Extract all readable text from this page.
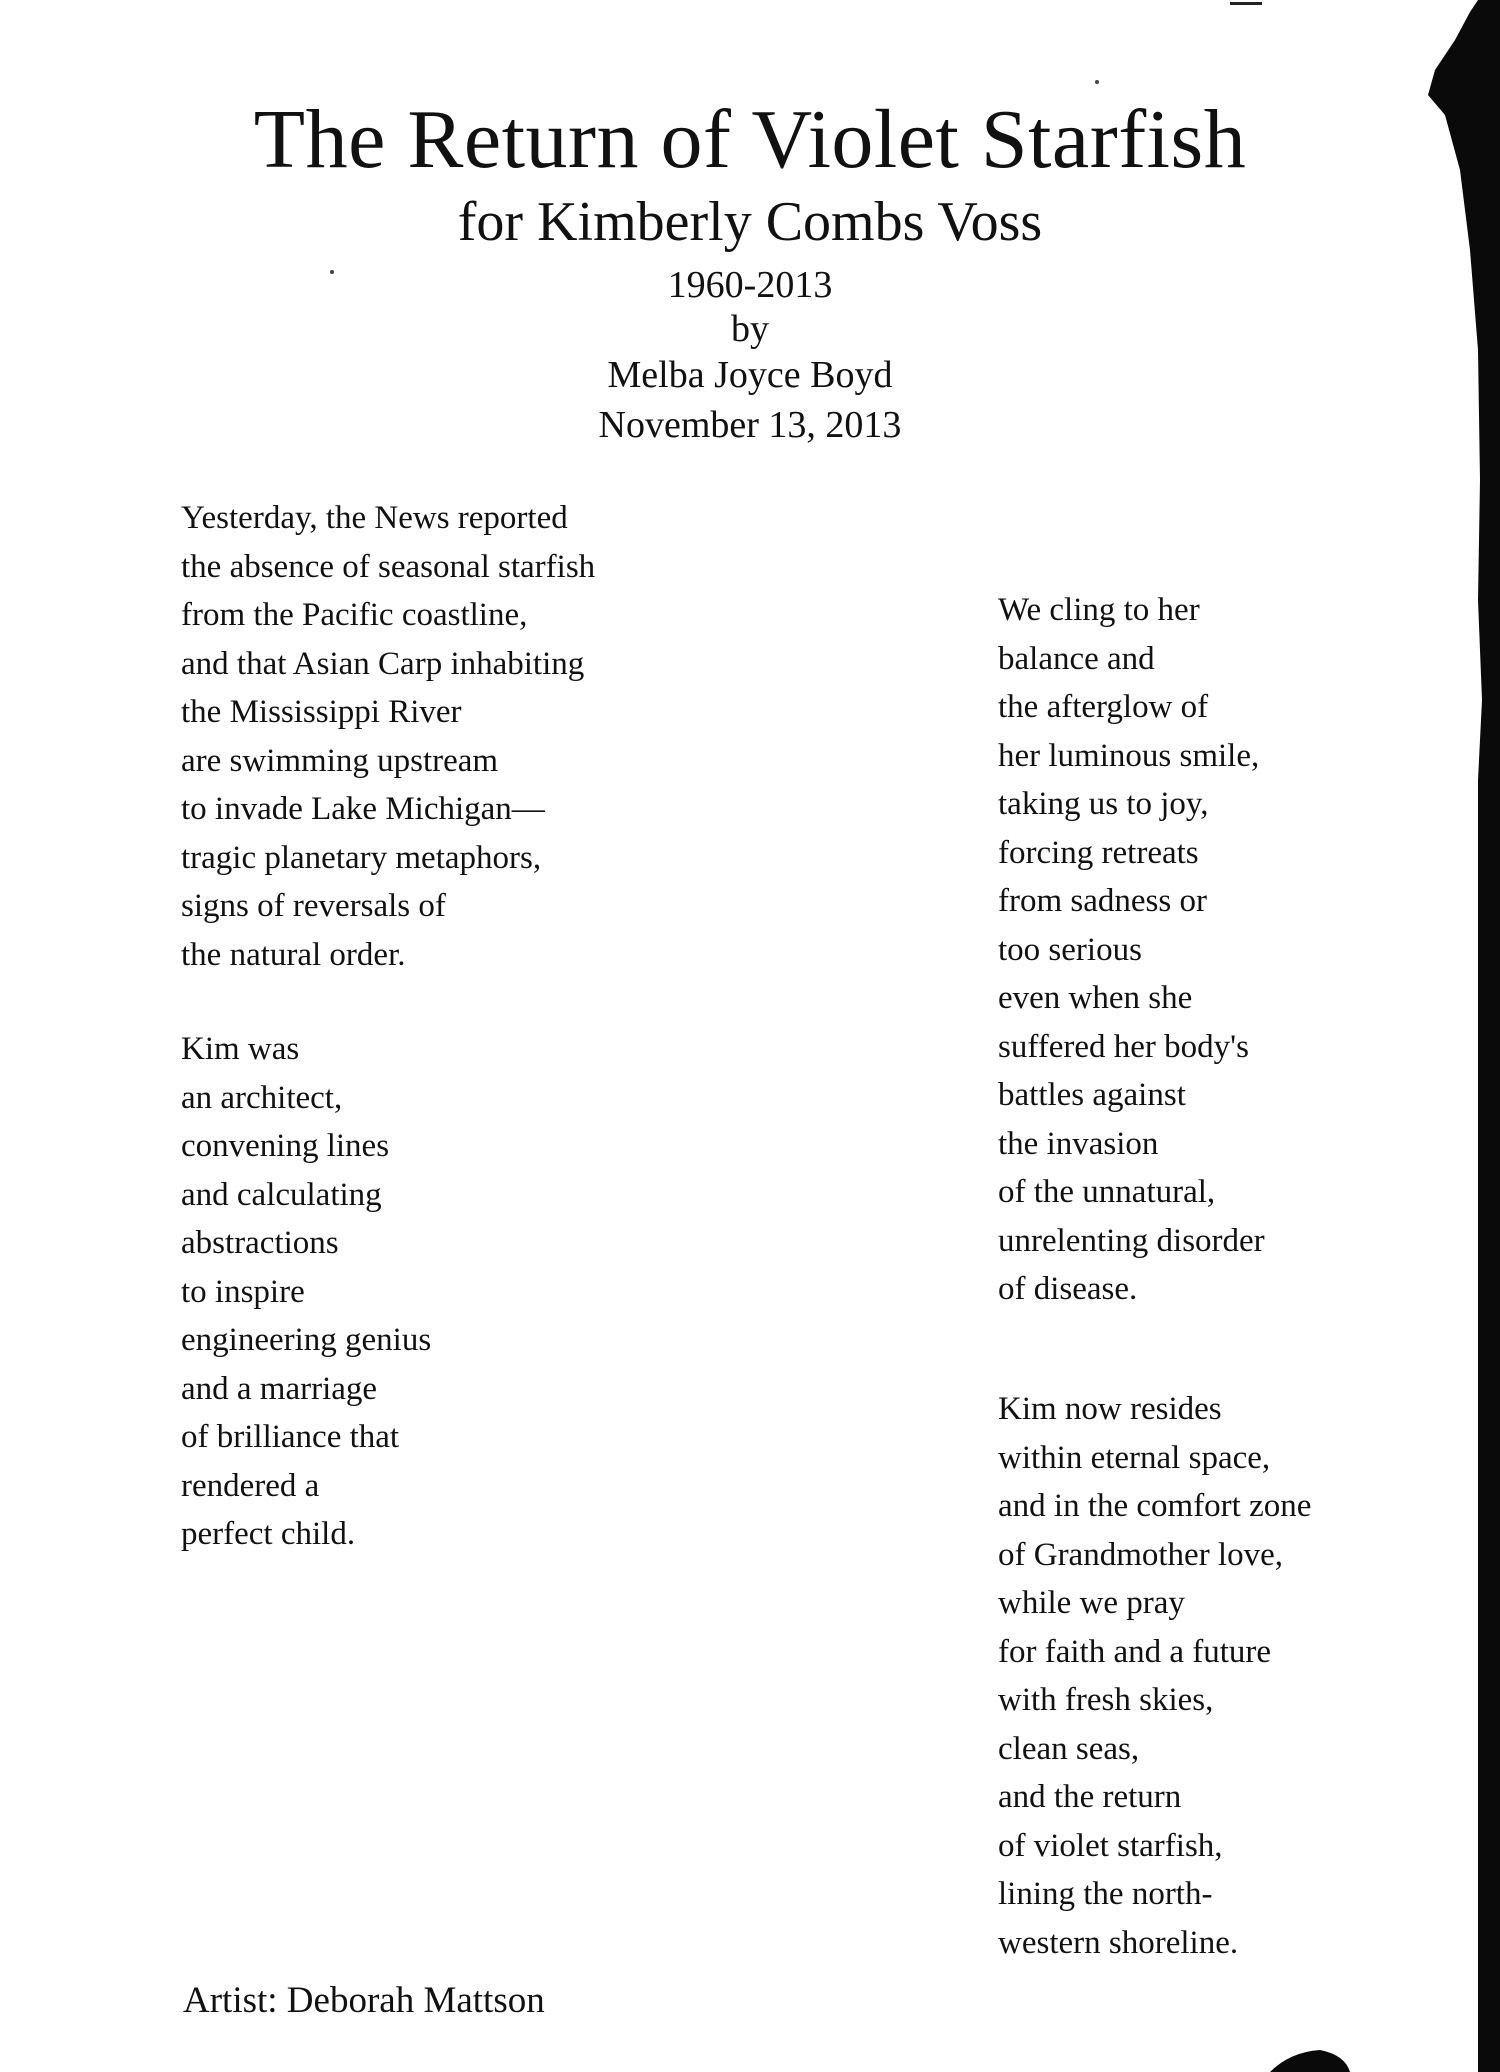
The Return of Violet Starfish
for Kimberly Combs Voss
1960-2013
by
Melba Joyce Boyd
November 13, 2013
Yesterday, the News reported
the absence of seasonal starfish
from the Pacific coastline,
and that Asian Carp inhabiting
the Mississippi River
are swimming upstream
to invade Lake Michigan—
tragic planetary metaphors,
signs of reversals of
the natural order.
Kim was
an architect,
convening lines
and calculating
abstractions
to inspire
engineering genius
and a marriage
of brilliance that
rendered a
perfect child.
We cling to her
balance and
the afterglow of
her luminous smile,
taking us to joy,
forcing retreats
from sadness or
too serious
even when she
suffered her body's
battles against
the invasion
of the unnatural,
unrelenting disorder
of disease.
Kim now resides
within eternal space,
and in the comfort zone
of Grandmother love,
while we pray
for faith and a future
with fresh skies,
clean seas,
and the return
of violet starfish,
lining the north-
western shoreline.
Artist: Deborah Mattson
